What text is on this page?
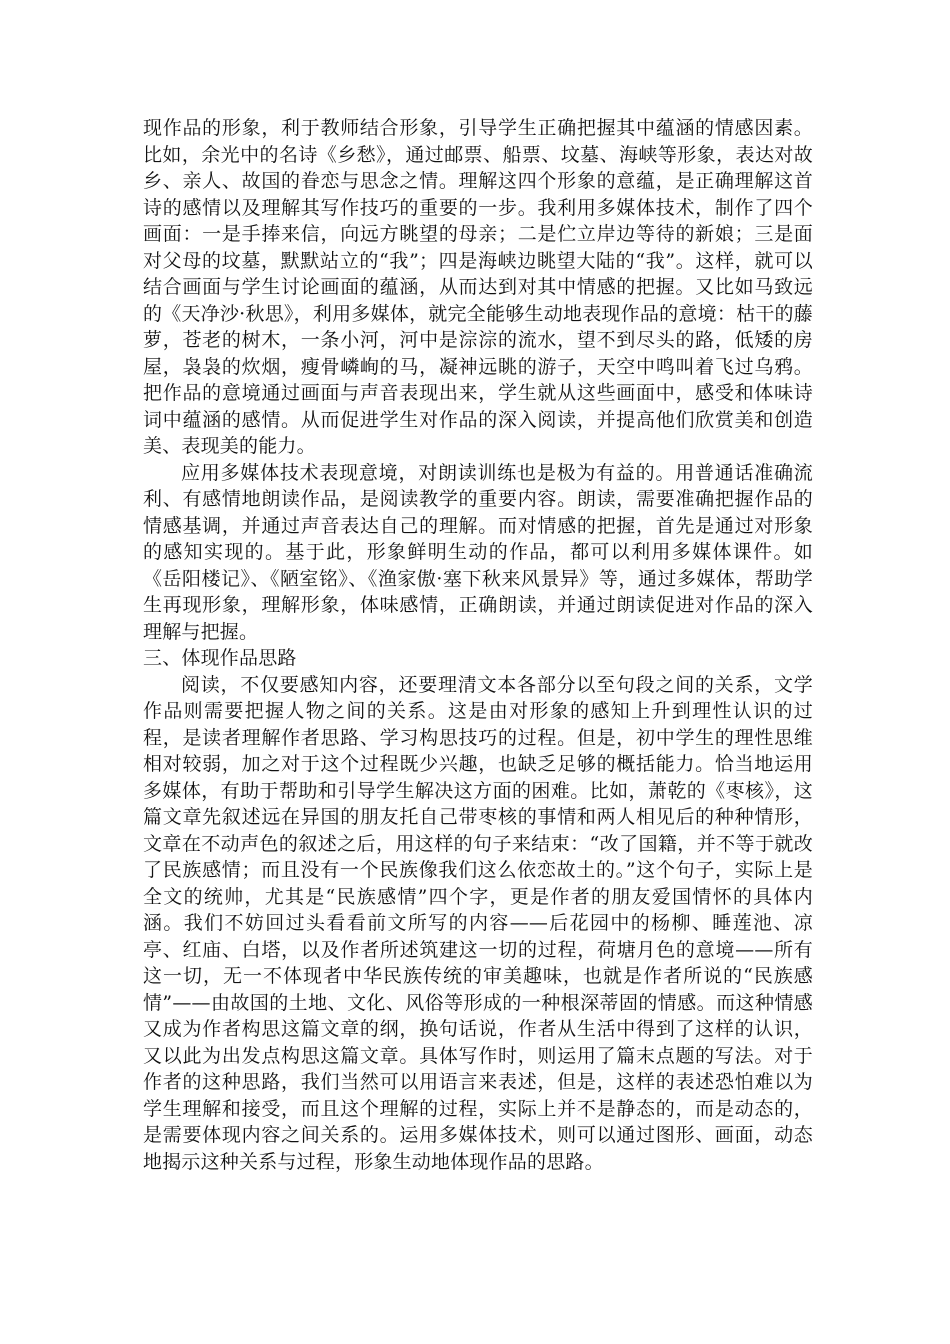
现作品的形象，利于教师结合形象，引导学生正确把握其中蕴涵的情感因素。比如，余光中的名诗《乡愁》，通过邮票、船票、坟墓、海峡等形象，表达对故乡、亲人、故国的眷恋与思念之情。理解这四个形象的意蕴，是正确理解这首诗的感情以及理解其写作技巧的重要的一步。我利用多媒体技术，制作了四个画面：一是手捧来信，向远方眺望的母亲；二是伫立岸边等待的新娘；三是面对父母的坟墓，默默站立的“我”；四是海峡边眺望大陆的“我”。这样，就可以结合画面与学生讨论画面的蕴涵，从而达到对其中情感的把握。又比如马致远的《天净沙·秋思》，利用多媒体，就完全能够生动地表现作品的意境：枯干的藤萝，苍老的树木，一条小河，河中是淙淙的流水，望不到尽头的路，低矮的房屋，袅袅的炊烟，瘦骨嶙峋的马，凝神远眺的游子，天空中鸣叫着飞过乌鸦。把作品的意境通过画面与声音表现出来，学生就从这些画面中，感受和体味诗词中蕴涵的感情。从而促进学生对作品的深入阅读，并提高他们欣赏美和创造美、表现美的能力。

应用多媒体技术表现意境，对朗读训练也是极为有益的。用普通话准确流利、有感情地朗读作品，是阅读教学的重要内容。朗读，需要准确把握作品的情感基调，并通过声音表达自己的理解。而对情感的把握，首先是通过对形象的感知实现的。基于此，形象鲜明生动的作品，都可以利用多媒体课件。如《岳阳楼记》、《陋室铭》、《渔家傲·塞下秋来风景异》等，通过多媒体，帮助学生再现形象，理解形象，体味感情，正确朗读，并通过朗读促进对作品的深入理解与把握。

三、体现作品思路

阅读，不仅要感知内容，还要理清文本各部分以至句段之间的关系，文学作品则需要把握人物之间的关系。这是由对形象的感知上升到理性认识的过程，是读者理解作者思路、学习构思技巧的过程。但是，初中学生的理性思维相对较弱，加之对于这个过程既少兴趣，也缺乏足够的概括能力。恰当地运用多媒体，有助于帮助和引导学生解决这方面的困难。比如，萧乾的《枣核》，这篇文章先叙述远在异国的朋友托自己带枣核的事情和两人相见后的种种情形，文章在不动声色的叙述之后，用这样的句子来结束：“改了国籍，并不等于就改了民族感情；而且没有一个民族像我们这么依恋故土的。”这个句子，实际上是全文的统帅，尤其是“民族感情”四个字，更是作者的朋友爱国情怀的具体内涵。我们不妨回过头看看前文所写的内容——后花园中的杨柳、睡莲池、凉亭、红庙、白塔，以及作者所述筑建这一切的过程，荷塘月色的意境——所有这一切，无一不体现者中华民族传统的审美趣味，也就是作者所说的“民族感情”——由故国的土地、文化、风俗等形成的一种根深蒂固的情感。而这种情感又成为作者构思这篇文章的纲，换句话说，作者从生活中得到了这样的认识，又以此为出发点构思这篇文章。具体写作时，则运用了篇末点题的写法。对于作者的这种思路，我们当然可以用语言来表述，但是，这样的表述恐怕难以为学生理解和接受，而且这个理解的过程，实际上并不是静态的，而是动态的，是需要体现内容之间关系的。运用多媒体技术，则可以通过图形、画面，动态地揭示这种关系与过程，形象生动地体现作品的思路。
